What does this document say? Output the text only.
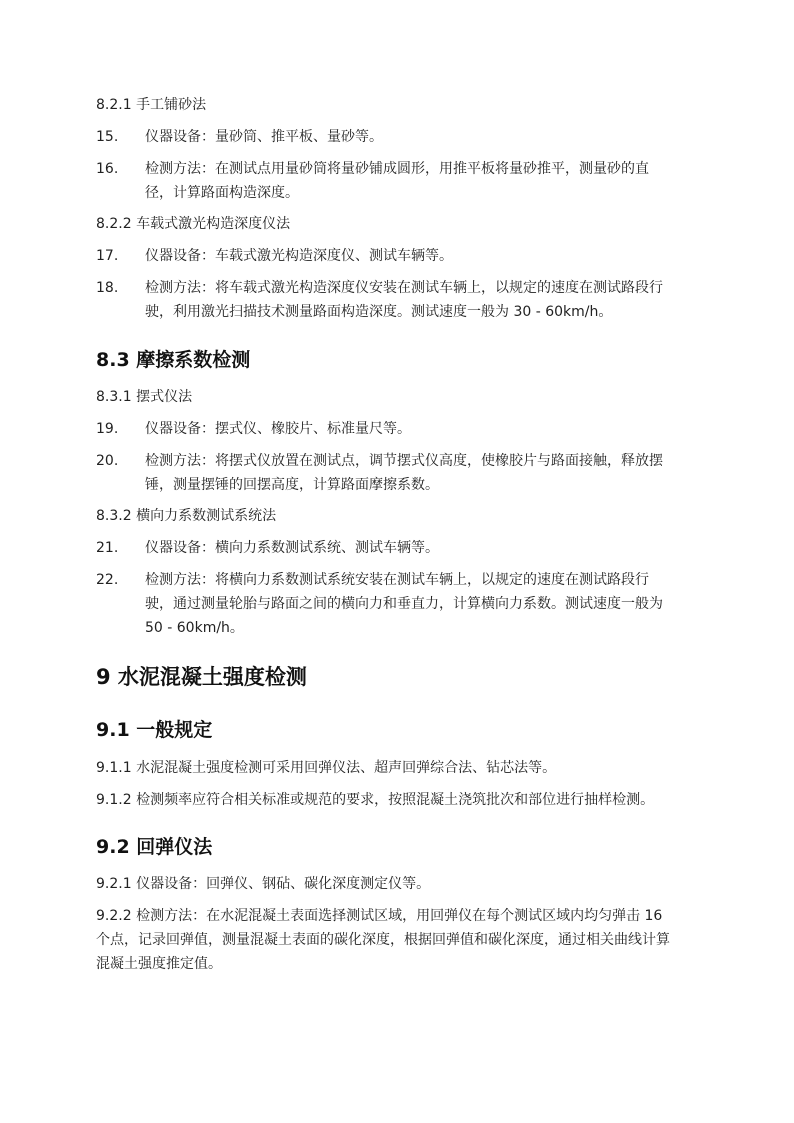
8.2.1 手工铺砂法
15.	仪器设备：量砂筒、推平板、量砂等。
16.	检测方法：在测试点用量砂筒将量砂铺成圆形，用推平板将量砂推平，测量砂的直
径，计算路面构造深度。
8.2.2 车载式激光构造深度仪法
17.	仪器设备：车载式激光构造深度仪、测试车辆等。
18.	检测方法：将车载式激光构造深度仪安装在测试车辆上，以规定的速度在测试路段行
驶，利用激光扫描技术测量路面构造深度。测试速度一般为 30 - 60km/h。
8.3 摩擦系数检测
8.3.1 摆式仪法
19.	仪器设备：摆式仪、橡胶片、标准量尺等。
20.	检测方法：将摆式仪放置在测试点，调节摆式仪高度，使橡胶片与路面接触，释放摆
锤，测量摆锤的回摆高度，计算路面摩擦系数。
8.3.2 横向力系数测试系统法
21.	仪器设备：横向力系数测试系统、测试车辆等。
22.	检测方法：将横向力系数测试系统安装在测试车辆上，以规定的速度在测试路段行
驶，通过测量轮胎与路面之间的横向力和垂直力，计算横向力系数。测试速度一般为
50 - 60km/h。
9 水泥混凝土强度检测
9.1 一般规定
9.1.1 水泥混凝土强度检测可采用回弹仪法、超声回弹综合法、钻芯法等。
9.1.2 检测频率应符合相关标准或规范的要求，按照混凝土浇筑批次和部位进行抽样检测。
9.2 回弹仪法
9.2.1 仪器设备：回弹仪、钢砧、碳化深度测定仪等。
9.2.2 检测方法：在水泥混凝土表面选择测试区域，用回弹仪在每个测试区域内均匀弹击 16
个点，记录回弹值，测量混凝土表面的碳化深度，根据回弹值和碳化深度，通过相关曲线计算
混凝土强度推定值。
